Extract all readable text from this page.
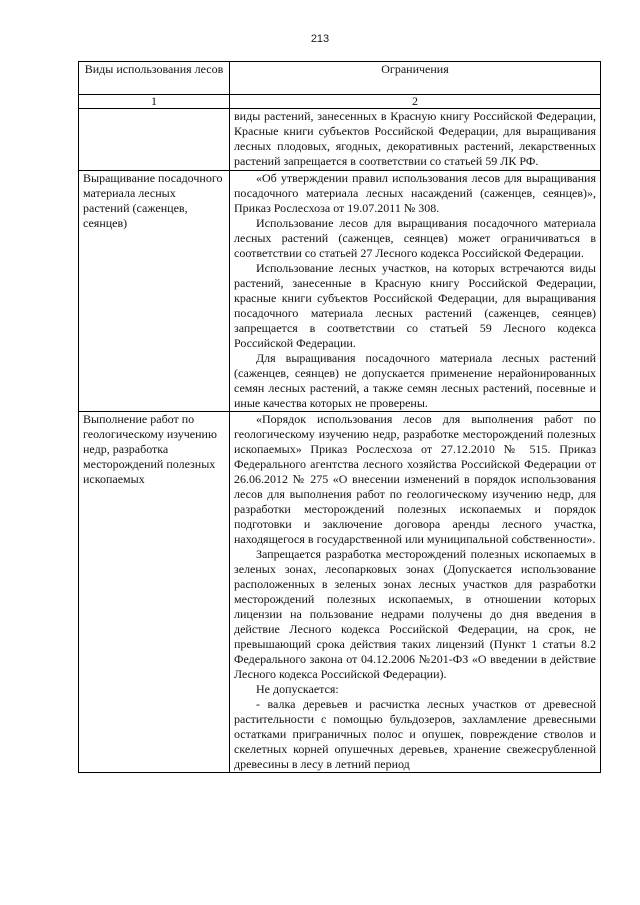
213
Виды использования лесов	Ограничения
1	2

	виды растений, занесенных в Красную книгу Российской Федерации, Красные книги субъектов Российской Федерации, для выращивания лесных плодовых, ягодных, декоративных растений, лекарственных растений запрещается в соответствии со статьей 59 ЛК РФ.

Выращивание посадочного материала лесных растений (саженцев, сеянцев)	«Об утверждении правил использования лесов для выращивания посадочного материала лесных насаждений (саженцев, сеянцев)», Приказ Рослесхоза от 19.07.2011 № 308.

Использование лесов для выращивания посадочного материала лесных растений (саженцев, сеянцев) может ограничиваться в соответствии со статьей 27 Лесного кодекса Российской Федерации.

Использование лесных участков, на которых встречаются виды растений, занесенные в Красную книгу Российской Федерации, красные книги субъектов Российской Федерации, для выращивания посадочного материала лесных растений (саженцев, сеянцев) запрещается в соответствии со статьей 59 Лесного кодекса Российской Федерации.

Для выращивания посадочного материала лесных растений (саженцев, сеянцев) не допускается применение нерайонированных семян лесных растений, а также семян лесных растений, посевные и иные качества которых не проверены.

Выполнение работ по геологическому изучению недр, разработка месторождений полезных ископаемых	«Порядок использования лесов для выполнения работ по геологическому изучению недр, разработке месторождений полезных ископаемых» Приказ Рослесхоза от 27.12.2010 № 515. Приказ Федерального агентства лесного хозяйства Российской Федерации от 26.06.2012 № 275 «О внесении изменений в порядок использования лесов для выполнения работ по геологическому изучению недр, для разработки месторождений полезных ископаемых и порядок подготовки и заключение договора аренды лесного участка, находящегося в государственной или муниципальной собственности».

Запрещается разработка месторождений полезных ископаемых в зеленых зонах, лесопарковых зонах (Допускается использование расположенных в зеленых зонах лесных участков для разработки месторождений полезных ископаемых, в отношении которых лицензии на пользование недрами получены до дня введения в действие Лесного кодекса Российской Федерации, на срок, не превышающий срока действия таких лицензий (Пункт 1 статьи 8.2 Федерального закона от 04.12.2006 №201-ФЗ «О введении в действие Лесного кодекса Российской Федерации).

Не допускается:

- валка деревьев и расчистка лесных участков от древесной растительности с помощью бульдозеров, захламление древесными остатками приграничных полос и опушек, повреждение стволов и скелетных корней опушечных деревьев, хранение свежесрубленной древесины в лесу в летний период
